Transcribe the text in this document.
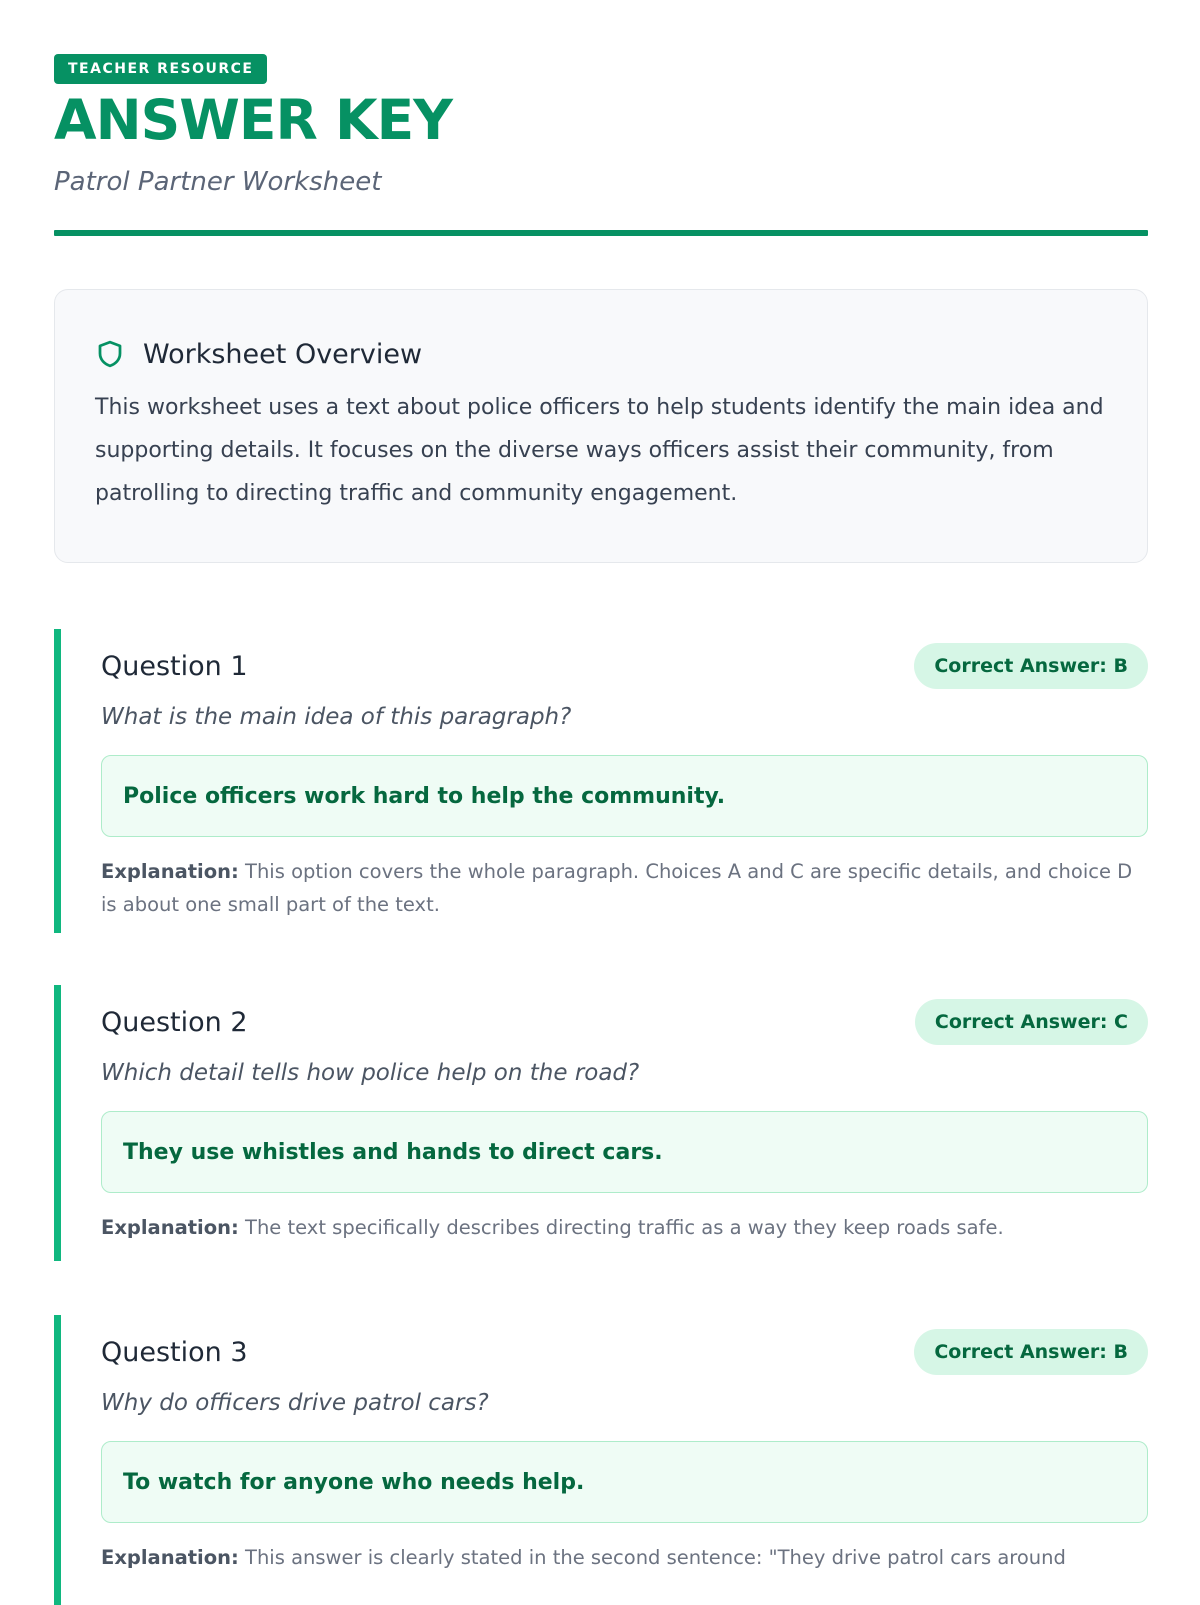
TEACHER RESOURCE
ANSWER KEY
Patrol Partner Worksheet
Worksheet Overview
This worksheet uses a text about police officers to help students identify the main idea and supporting details. It focuses on the diverse ways officers assist their community, from patrolling to directing traffic and community engagement.
Question 1	Correct Answer: B
What is the main idea of this paragraph?
Police officers work hard to help the community.
Explanation: This option covers the whole paragraph. Choices A and C are specific details, and choice D is about one small part of the text.
Question 2	Correct Answer: C
Which detail tells how police help on the road?
They use whistles and hands to direct cars.
Explanation: The text specifically describes directing traffic as a way they keep roads safe.
Question 3	Correct Answer: B
Why do officers drive patrol cars?
To watch for anyone who needs help.
Explanation: This answer is clearly stated in the second sentence: "They drive patrol cars around
